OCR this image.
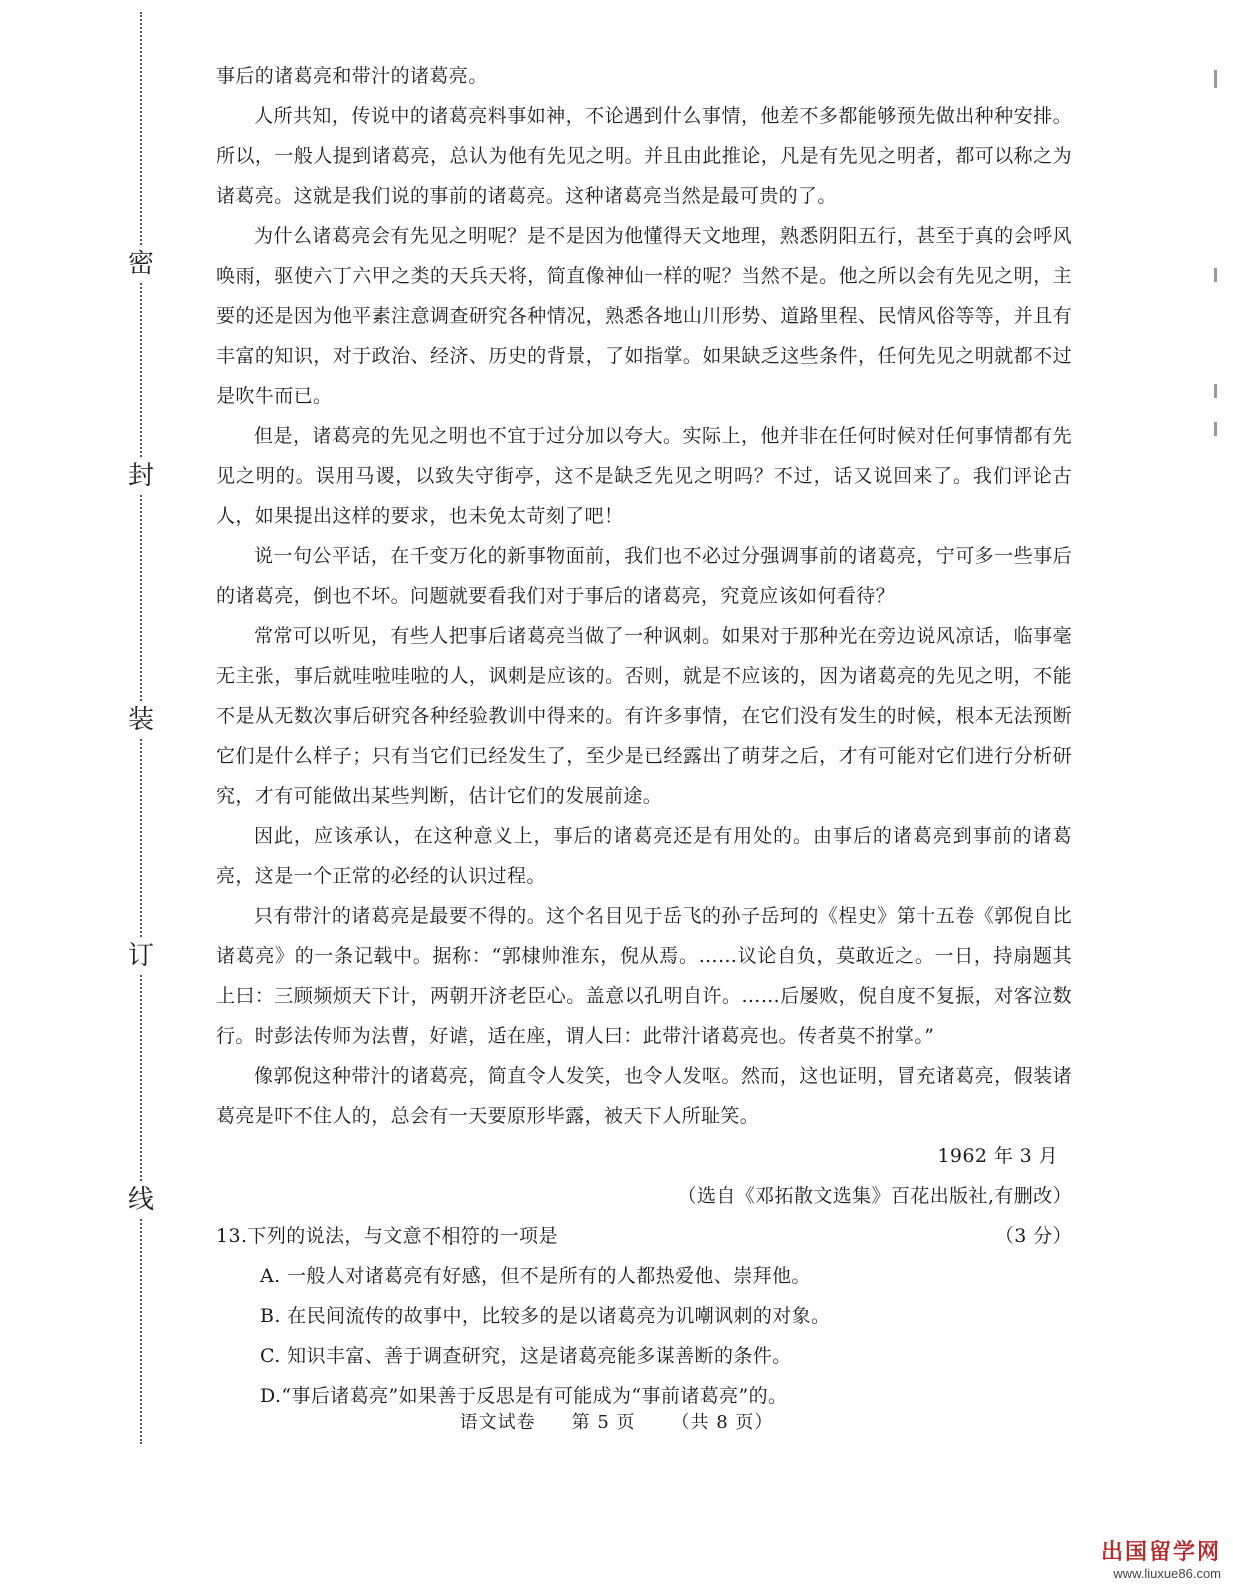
密
封
装
订
线

事后的诸葛亮和带汁的诸葛亮。

人所共知，传说中的诸葛亮料事如神，不论遇到什么事情，他差不多都能够预先做出种种安排。所以，一般人提到诸葛亮，总认为他有先见之明。并且由此推论，凡是有先见之明者，都可以称之为诸葛亮。这就是我们说的事前的诸葛亮。这种诸葛亮当然是最可贵的了。

为什么诸葛亮会有先见之明呢？是不是因为他懂得天文地理，熟悉阴阳五行，甚至于真的会呼风唤雨，驱使六丁六甲之类的天兵天将，简直像神仙一样的呢？当然不是。他之所以会有先见之明，主要的还是因为他平素注意调查研究各种情况，熟悉各地山川形势、道路里程、民情风俗等等，并且有丰富的知识，对于政治、经济、历史的背景，了如指掌。如果缺乏这些条件，任何先见之明就都不过是吹牛而已。

但是，诸葛亮的先见之明也不宜于过分加以夸大。实际上，他并非在任何时候对任何事情都有先见之明的。误用马谡，以致失守街亭，这不是缺乏先见之明吗？不过，话又说回来了。我们评论古人，如果提出这样的要求，也未免太苛刻了吧！

说一句公平话，在千变万化的新事物面前，我们也不必过分强调事前的诸葛亮，宁可多一些事后的诸葛亮，倒也不坏。问题就要看我们对于事后的诸葛亮，究竟应该如何看待？

常常可以听见，有些人把事后诸葛亮当做了一种讽刺。如果对于那种光在旁边说风凉话，临事毫无主张，事后就哇啦哇啦的人，讽刺是应该的。否则，就是不应该的，因为诸葛亮的先见之明，不能不是从无数次事后研究各种经验教训中得来的。有许多事情，在它们没有发生的时候，根本无法预断它们是什么样子；只有当它们已经发生了，至少是已经露出了萌芽之后，才有可能对它们进行分析研究，才有可能做出某些判断，估计它们的发展前途。

因此，应该承认，在这种意义上，事后的诸葛亮还是有用处的。由事后的诸葛亮到事前的诸葛亮，这是一个正常的必经的认识过程。

只有带汁的诸葛亮是最要不得的。这个名目见于岳飞的孙子岳珂的《桯史》第十五卷《郭倪自比诸葛亮》的一条记载中。据称：“郭棣帅淮东，倪从焉。……议论自负，莫敢近之。一日，持扇题其上曰：三顾频烦天下计，两朝开济老臣心。盖意以孔明自许。……后屡败，倪自度不复振，对客泣数行。时彭法传师为法曹，好谑，适在座，谓人曰：此带汁诸葛亮也。传者莫不拊掌。”

像郭倪这种带汁的诸葛亮，简直令人发笑，也令人发呕。然而，这也证明，冒充诸葛亮，假装诸葛亮是吓不住人的，总会有一天要原形毕露，被天下人所耻笑。

1962 年 3 月

（选自《邓拓散文选集》百花出版社,有删改）

13.下列的说法，与文意不相符的一项是	（3 分）

A. 一般人对诸葛亮有好感，但不是所有的人都热爱他、崇拜他。

B. 在民间流传的故事中，比较多的是以诸葛亮为讥嘲讽刺的对象。

C. 知识丰富、善于调查研究，这是诸葛亮能多谋善断的条件。

D.“事后诸葛亮”如果善于反思是有可能成为“事前诸葛亮”的。

语文试卷 第 5 页 （共 8 页）
出国留学网
www.liuxue86.com
